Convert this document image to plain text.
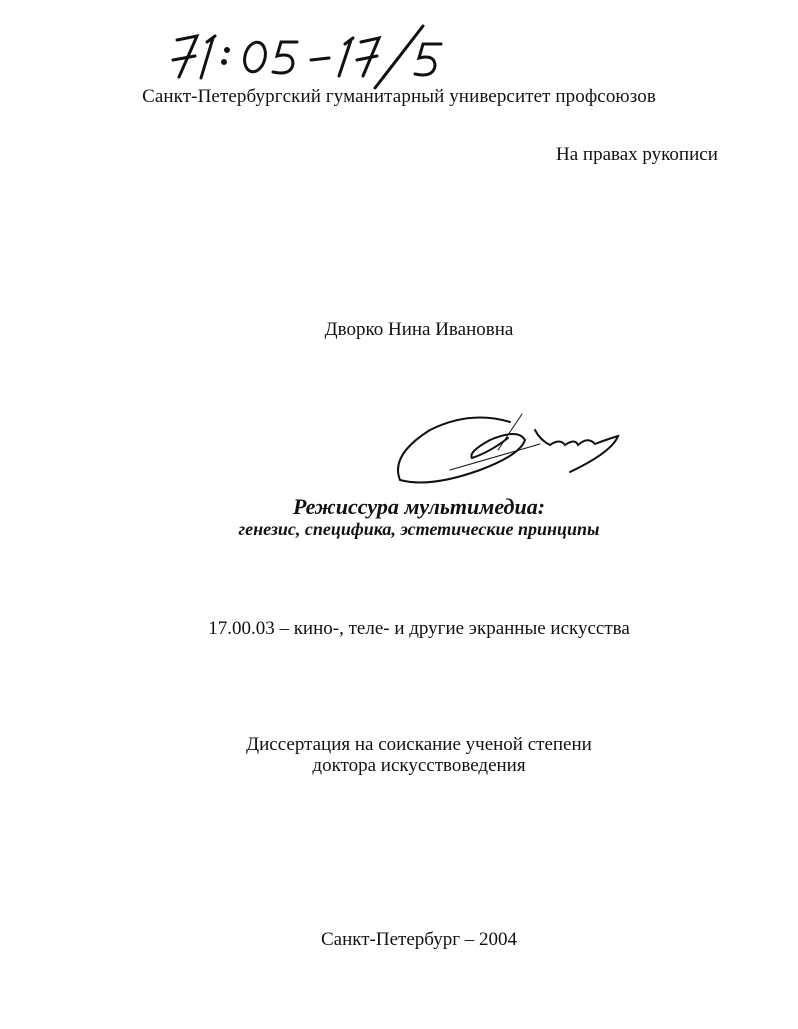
Санкт-Петербургский гуманитарный университет профсоюзов
На правах рукописи
Дворко Нина Ивановна
Режиссура мультимедиа:
генезис, специфика, эстетические принципы
17.00.03 – кино-, теле- и другие экранные искусства
Диссертация на соискание ученой степени
доктора искусствоведения
Санкт-Петербург – 2004
